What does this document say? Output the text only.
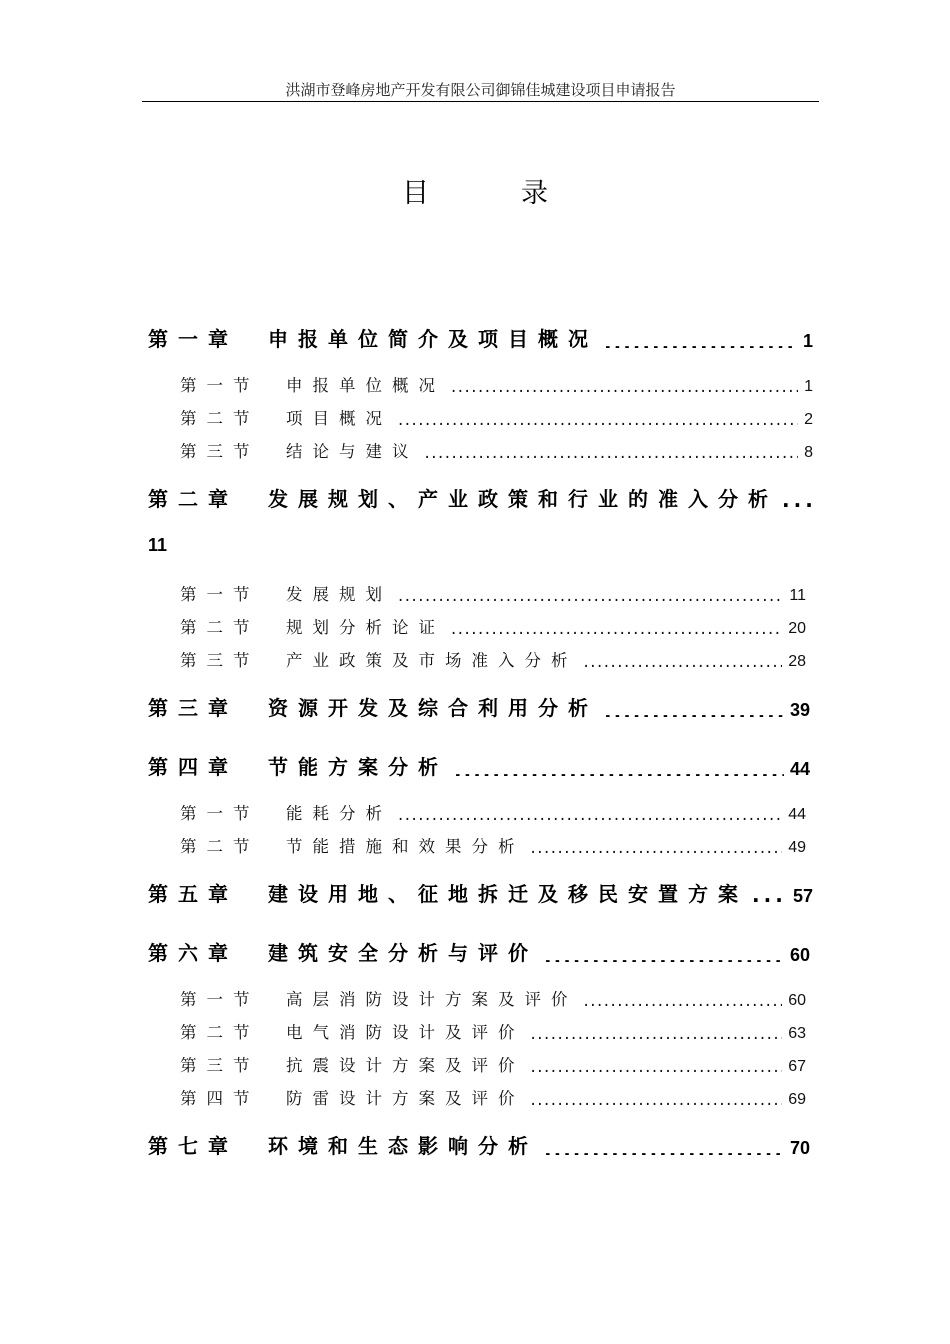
洪湖市登峰房地产开发有限公司御锦佳城建设项目申请报告
目	录
第一章　申报单位简介及项目概况 .....	1
第一节　申报单位概况 .....	1
第二节　项目概况 .....	2
第三节　结论与建议 .....	8
第二章　发展规划、产业政策和行业的准入分析 ...
11
第一节　发展规划 .....	11
第二节　规划分析论证 .....	20
第三节　产业政策及市场准入分析 .....	28
第三章　资源开发及综合利用分析 .....	39
第四章　节能方案分析 .....	44
第一节　能耗分析 .....	44
第二节　节能措施和效果分析 .....	49
第五章　建设用地、征地拆迁及移民安置方案 ... 57
第六章　建筑安全分析与评价 .....	60
第一节　高层消防设计方案及评价 .....	60
第二节　电气消防设计及评价 .....	63
第三节　抗震设计方案及评价 .....	67
第四节　防雷设计方案及评价 .....	69
第七章　环境和生态影响分析 .....	70
